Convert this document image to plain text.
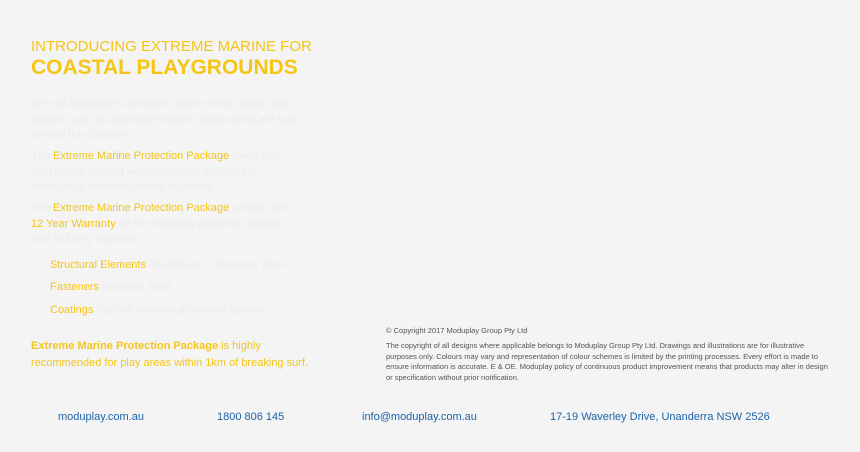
INTRODUCING EXTREME MARINE FOR
COASTAL PLAYGROUNDS
85% of Australians live within 50km of the coast, and studies such as Australia's beach playgrounds are built around the coastline.
The Extreme Marine Protection Package gives you total peace of mind when installing playground products in extreme coastal locations.
The Extreme Marine Protection Package comes with 12 Year Warranty on the following elements, backed with industry expertise.
Structural Elements Aluminium or stainless steel
Fasteners stainless steel
Coatings Special extreme protection system
Extreme Marine Protection Package is highly recommended for play areas within 1km of breaking surf.
© Copyright 2017 Moduplay Group Pty Ltd
The copyright of all designs where applicable belongs to Moduplay Group Pty Ltd. Drawings and illustrations are for illustrative purposes only. Colours may vary and representation of colour schemes is limited by the printing processes. Every effort is made to ensure information is accurate. E & OE. Moduplay policy of continuous product improvement means that products may alter in design or specification without prior notification.
moduplay.com.au	1800 806 145	info@moduplay.com.au	17-19 Waverley Drive, Unanderra NSW 2526
